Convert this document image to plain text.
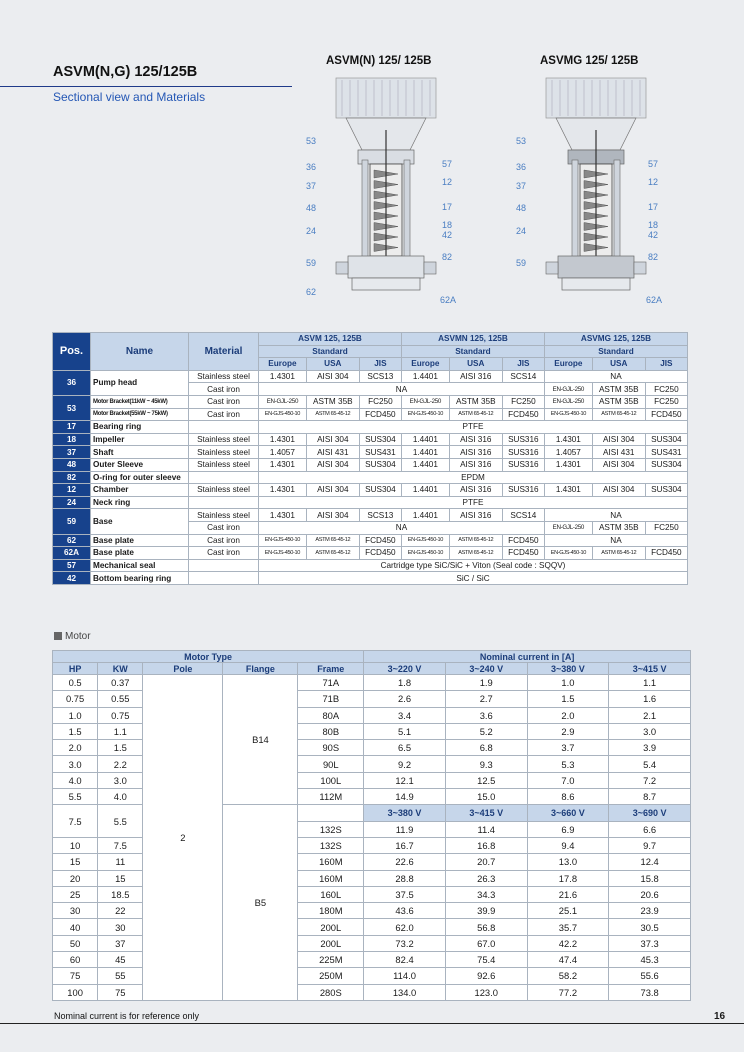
ASVM(N,G) 125/125B
Sectional view and Materials
ASVM(N) 125/ 125B	ASVMG 125/ 125B
53
36
37
48
24
59
62
57
12
17
18
42
82
62A
53
36
37
48
24
59
57
12
17
18
42
82
62A
Pos.	Name	Material	ASVM 125, 125B			ASVMN 125, 125B			ASVMG 125, 125B		
			Standard			Standard			Standard		
			Europe	USA	JIS	Europe	USA	JIS	Europe	USA	JIS
36	Pump head	Stainless steel	1.4301	AISI 304	SCS13	1.4401	AISI 316	SCS14	NA		
		Cast iron	NA						EN-GJL-250	ASTM 35B	FC250
53	Motor Bracket(11kW ~ 45kW)	Cast iron	EN-GJL-250	ASTM 35B	FC250	EN-GJL-250	ASTM 35B	FC250	EN-GJL-250	ASTM 35B	FC250
	Motor Bracket(55kW ~ 75kW)	Cast iron	EN-GJS-450-10	ASTM 65-45-12	FCD450	EN-GJS-450-10	ASTM 65-45-12	FCD450	EN-GJS-450-10	ASTM 65-45-12	FCD450
17	Bearing ring		PTFE								
18	Impeller	Stainless steel	1.4301	AISI 304	SUS304	1.4401	AISI 316	SUS316	1.4301	AISI 304	SUS304
37	Shaft	Stainless steel	1.4057	AISI 431	SUS431	1.4401	AISI 316	SUS316	1.4057	AISI 431	SUS431
48	Outer Sleeve	Stainless steel	1.4301	AISI 304	SUS304	1.4401	AISI 316	SUS316	1.4301	AISI 304	SUS304
82	O-ring for outer sleeve		EPDM								
12	Chamber	Stainless steel	1.4301	AISI 304	SUS304	1.4401	AISI 316	SUS316	1.4301	AISI 304	SUS304
24	Neck ring		PTFE								
59	Base	Stainless steel	1.4301	AISI 304	SCS13	1.4401	AISI 316	SCS14	NA		
		Cast iron	NA						EN-GJL-250	ASTM 35B	FC250
62	Base plate	Cast iron	EN-GJS-450-10	ASTM 65-45-12	FCD450	EN-GJS-450-10	ASTM 65-45-12	FCD450	NA		
62A	Base plate	Cast iron	EN-GJS-450-10	ASTM 65-45-12	FCD450	EN-GJS-450-10	ASTM 65-45-12	FCD450	EN-GJS-450-10	ASTM 65-45-12	FCD450
57	Mechanical seal		Cartridge type SiC/SiC + Viton (Seal code : SQQV)								
42	Bottom bearing ring		SiC / SiC								
Motor
Motor Type					Nominal current in [A]			
HP	KW	Pole	Flange	Frame	3~220 V	3~240 V	3~380 V	3~415 V
0.5	0.37	2	B14	71A	1.8	1.9	1.0	1.1
0.75	0.55			71B	2.6	2.7	1.5	1.6
1.0	0.75			80A	3.4	3.6	2.0	2.1
1.5	1.1			80B	5.1	5.2	2.9	3.0
2.0	1.5			90S	6.5	6.8	3.7	3.9
3.0	2.2			90L	9.2	9.3	5.3	5.4
4.0	3.0			100L	12.1	12.5	7.0	7.2
5.5	4.0			112M	14.9	15.0	8.6	8.7
7.5	5.5		B5		3~380 V	3~415 V	3~660 V	3~690 V
				132S	11.9	11.4	6.9	6.6
10	7.5			132S	16.7	16.8	9.4	9.7
15	11			160M	22.6	20.7	13.0	12.4
20	15			160M	28.8	26.3	17.8	15.8
25	18.5			160L	37.5	34.3	21.6	20.6
30	22			180M	43.6	39.9	25.1	23.9
40	30			200L	62.0	56.8	35.7	30.5
50	37			200L	73.2	67.0	42.2	37.3
60	45			225M	82.4	75.4	47.4	45.3
75	55			250M	114.0	92.6	58.2	55.6
100	75			280S	134.0	123.0	77.2	73.8
Nominal current is for reference only	16
